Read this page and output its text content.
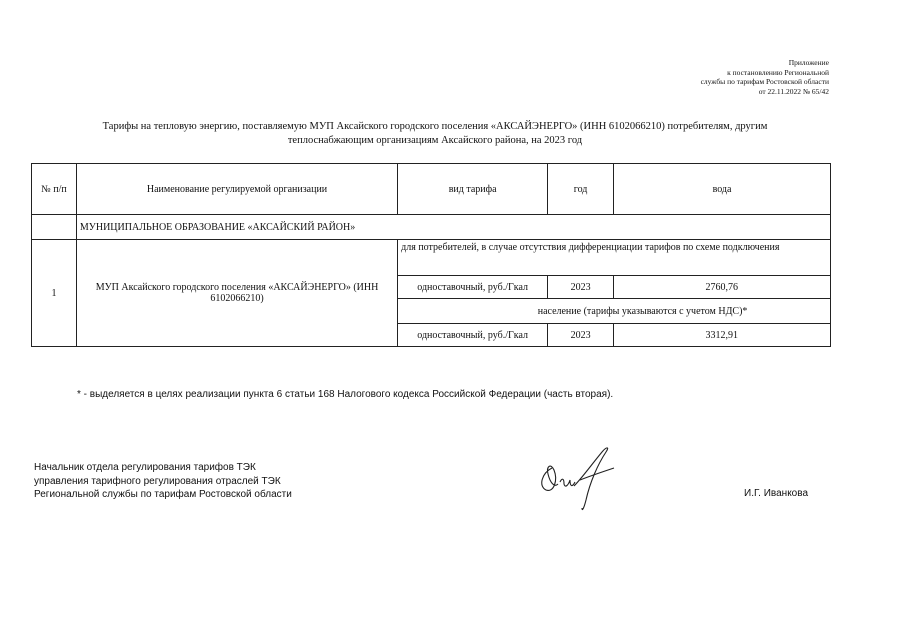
Приложение
к постановлению Региональной
службы по тарифам Ростовской области
от 22.11.2022 № 65/42
Тарифы на тепловую энергию, поставляемую МУП Аксайского городского поселения «АКСАЙЭНЕРГО» (ИНН 6102066210) потребителям, другим
теплоснабжающим организациям Аксайского района, на 2023 год
№ п/п	Наименование регулируемой организации	вид тарифа	год	вода
	МУНИЦИПАЛЬНОЕ ОБРАЗОВАНИЕ «АКСАЙСКИЙ РАЙОН»			
1	МУП Аксайского городского поселения «АКСАЙЭНЕРГО» (ИНН 6102066210)	для потребителей, в случае отсутствия дифференциации тарифов по схеме подключения		
		одноставочный, руб./Гкал	2023	2760,76
		население (тарифы указываются с учетом НДС)*		
		одноставочный, руб./Гкал	2023	3312,91
* - выделяется в целях реализации пункта 6 статьи 168 Налогового кодекса Российской Федерации (часть вторая).
Начальник отдела регулирования тарифов ТЭК
управления тарифного регулирования отраслей ТЭК
Региональной службы по тарифам Ростовской области	И.Г. Иванкова
